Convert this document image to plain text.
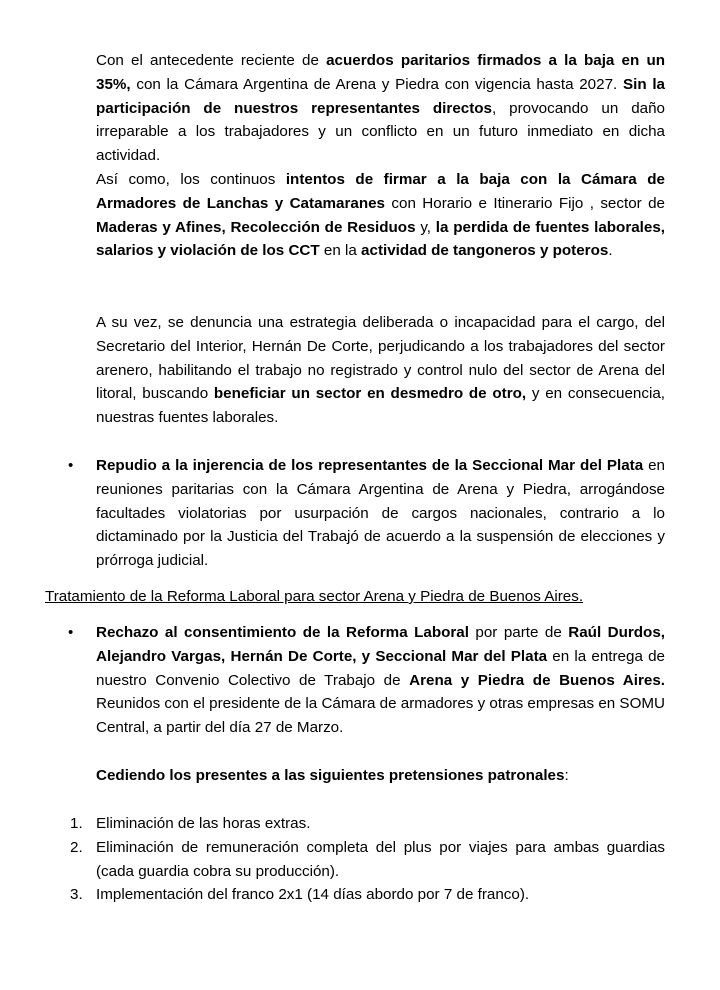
Con el antecedente reciente de acuerdos paritarios firmados a la baja en un 35%, con la Cámara Argentina de Arena y Piedra con vigencia hasta 2027. Sin la participación de nuestros representantes directos, provocando un daño irreparable a los trabajadores y un conflicto en un futuro inmediato en dicha actividad.

Así como, los continuos intentos de firmar a la baja con la Cámara de Armadores de Lanchas y Catamaranes con Horario e Itinerario Fijo , sector de Maderas y Afines, Recolección de Residuos y, la perdida de fuentes laborales, salarios y violación de los CCT en la actividad de tangoneros y poteros.

A su vez, se denuncia una estrategia deliberada o incapacidad para el cargo, del Secretario del Interior, Hernán De Corte, perjudicando a los trabajadores del sector arenero, habilitando el trabajo no registrado y control nulo del sector de Arena del litoral, buscando beneficiar un sector en desmedro de otro, y en consecuencia, nuestras fuentes laborales.

• Repudio a la injerencia de los representantes de la Seccional Mar del Plata en reuniones paritarias con la Cámara Argentina de Arena y Piedra, arrogándose facultades violatorias por usurpación de cargos nacionales, contrario a lo dictaminado por la Justicia del Trabajó de acuerdo a la suspensión de elecciones y prórroga judicial.

Tratamiento de la Reforma Laboral para sector Arena y Piedra de Buenos Aires.
• Rechazo al consentimiento de la Reforma Laboral por parte de Raúl Durdos, Alejandro Vargas, Hernán De Corte, y Seccional Mar del Plata en la entrega de nuestro Convenio Colectivo de Trabajo de Arena y Piedra de Buenos Aires. Reunidos con el presidente de la Cámara de armadores y otras empresas en SOMU Central, a partir del día 27 de Marzo.

Cediendo los presentes a las siguientes pretensiones patronales:

1. Eliminación de las horas extras.

2. Eliminación de remuneración completa del plus por viajes para ambas guardias (cada guardia cobra su producción).

3. Implementación del franco 2x1 (14 días abordo por 7 de franco).
